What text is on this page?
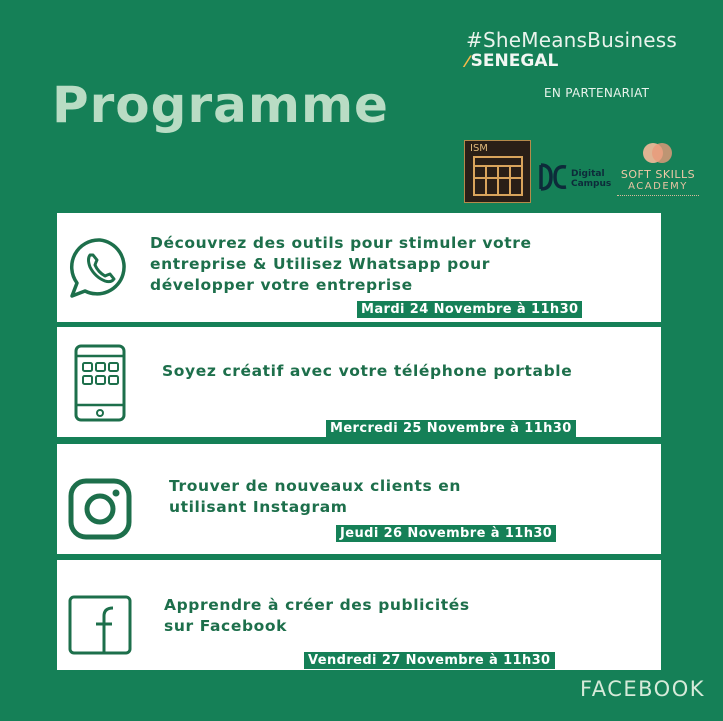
Programme
#SheMeansBusiness
⁄ SENEGAL
EN PARTENARIAT
ISM
Digital
Campus
SOFT SKILLS
ACADEMY
Découvrez des outils pour stimuler votre
entreprise & Utilisez Whatsapp pour
développer votre entreprise
Mardi 24 Novembre à 11h30
Soyez créatif avec votre téléphone portable
Mercredi 25 Novembre à 11h30
Trouver de nouveaux clients en
utilisant Instagram
Jeudi 26 Novembre à 11h30
Apprendre à créer des publicités
sur Facebook
Vendredi 27 Novembre à 11h30
FACEBOOK
